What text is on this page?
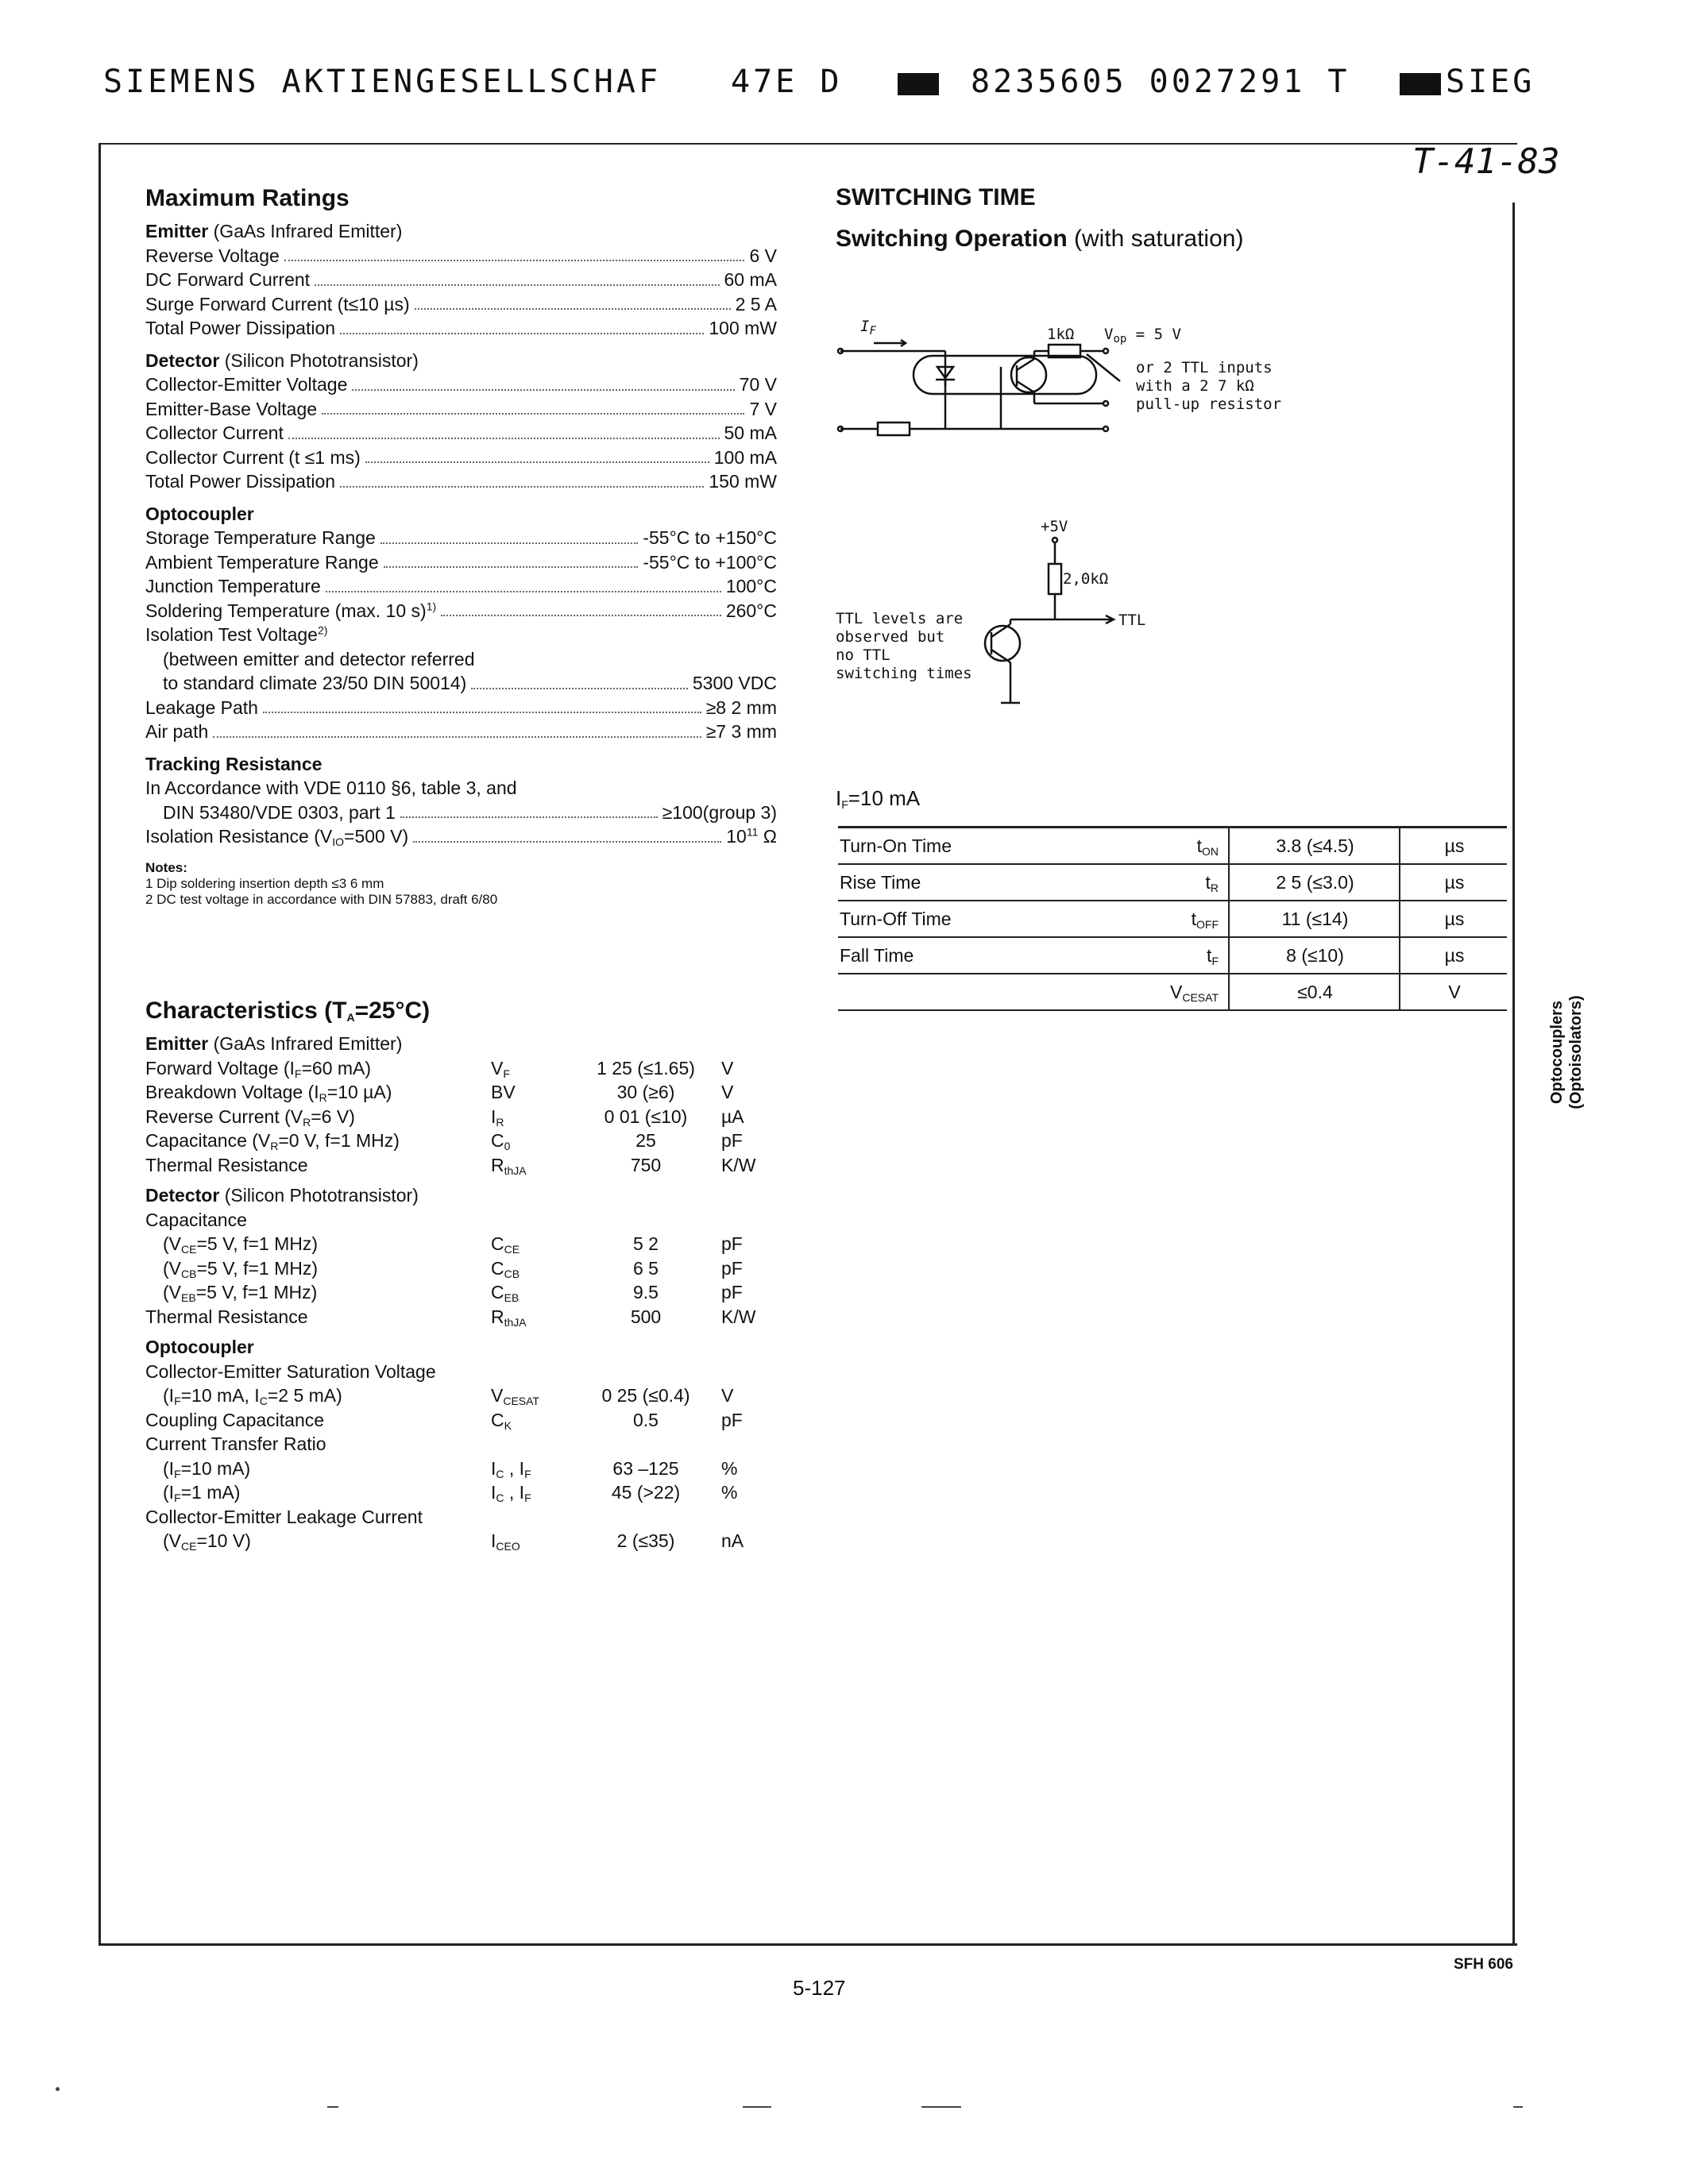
SIEMENS AKTIENGESELLSCHAF 47E D	8235605 0027291 T	SIEG
T-41-83
Maximum Ratings
Emitter (GaAs Infrared Emitter)
Reverse Voltage	6 V
DC Forward Current	60 mA
Surge Forward Current (t≤10 µs)	2 5 A
Total Power Dissipation	100 mW
Detector (Silicon Phototransistor)
Collector-Emitter Voltage	70 V
Emitter-Base Voltage	7 V
Collector Current	50 mA
Collector Current (t ≤1 ms)	100 mA
Total Power Dissipation	150 mW
Optocoupler
Storage Temperature Range	-55°C to +150°C
Ambient Temperature Range	-55°C to +100°C
Junction Temperature	100°C
Soldering Temperature (max. 10 s)$^{1)}$	260°C
Isolation Test Voltage$^{2)}$
(between emitter and detector referred
to standard climate 23/50 DIN 50014)	5300 VDC
Leakage Path	≥8 2 mm
Air path	≥7 3 mm
Tracking Resistance
In Accordance with VDE 0110 §6, table 3, and
DIN 53480/VDE 0303, part 1	≥100(group 3)
Isolation Resistance ($V_{IO}=500$ V)	$10^{11}$ Ω
Notes:
1 Dip soldering insertion depth ≤3 6 mm
2 DC test voltage in accordance with DIN 57883, draft 6/80
Characteristics $(T_A=25^\circ C)$
Emitter (GaAs Infrared Emitter)			
Forward Voltage ($I_F=60$ mA)	$V_F$	1 25 (≤1.65)	V
Breakdown Voltage ($I_R=10$ µA)	BV	30 (≥6)	V
Reverse Current ($V_R=6$ V)	$I_R$	0 01 (≤10)	µA
Capacitance ($V_R=0$ V, f=1 MHz)	$C_0$	25	pF
Thermal Resistance	$R_{thJA}$	750	K/W
Detector (Silicon Phototransistor)			
Capacitance			
($V_{CE}=5$ V, f=1 MHz)	$C_{CE}$	5 2	pF
($V_{CB}=5$ V, f=1 MHz)	$C_{CB}$	6 5	pF
($V_{EB}=5$ V, f=1 MHz)	$C_{EB}$	9.5	pF
Thermal Resistance	$R_{thJA}$	500	K/W
Optocoupler			
Collector-Emitter Saturation Voltage			
($I_F=10$ mA, $I_C=2$ 5 mA)	$V_{CESAT}$	0 25 (≤0.4)	V
Coupling Capacitance	$C_K$	0.5	pF
Current Transfer Ratio			
($I_F=10$ mA)	$I_C$ , $I_F$	63 –125	%
($I_F=1$ mA)	$I_C$ , $I_F$	45 (>22)	%
Collector-Emitter Leakage Current			
($V_{CE}=10$ V)	$I_{CEO}$	2 (≤35)	nA
SWITCHING TIME
Switching Operation (with saturation)
$I_F$	1kΩ $V_{op} = 5$ V
or 2 TTL inputs
with a 2 7 kΩ
pull-up resistor
+5V
2,0kΩ
TTL
TTL levels are
observed but
no TTL
switching times
$I_F=10$ mA
Turn-On Time	$t_{ON}$	3.8 (≤4.5)	µs
Rise Time	$t_R$	2 5 (≤3.0)	µs
Turn-Off Time	$t_{OFF}$	11 (≤14)	µs
Fall Time	$t_F$	8 (≤10)	µs
	$V_{CESAT}$	≤0.4	V
Optocouplers (Optoisolators)
SFH 606
5-127
